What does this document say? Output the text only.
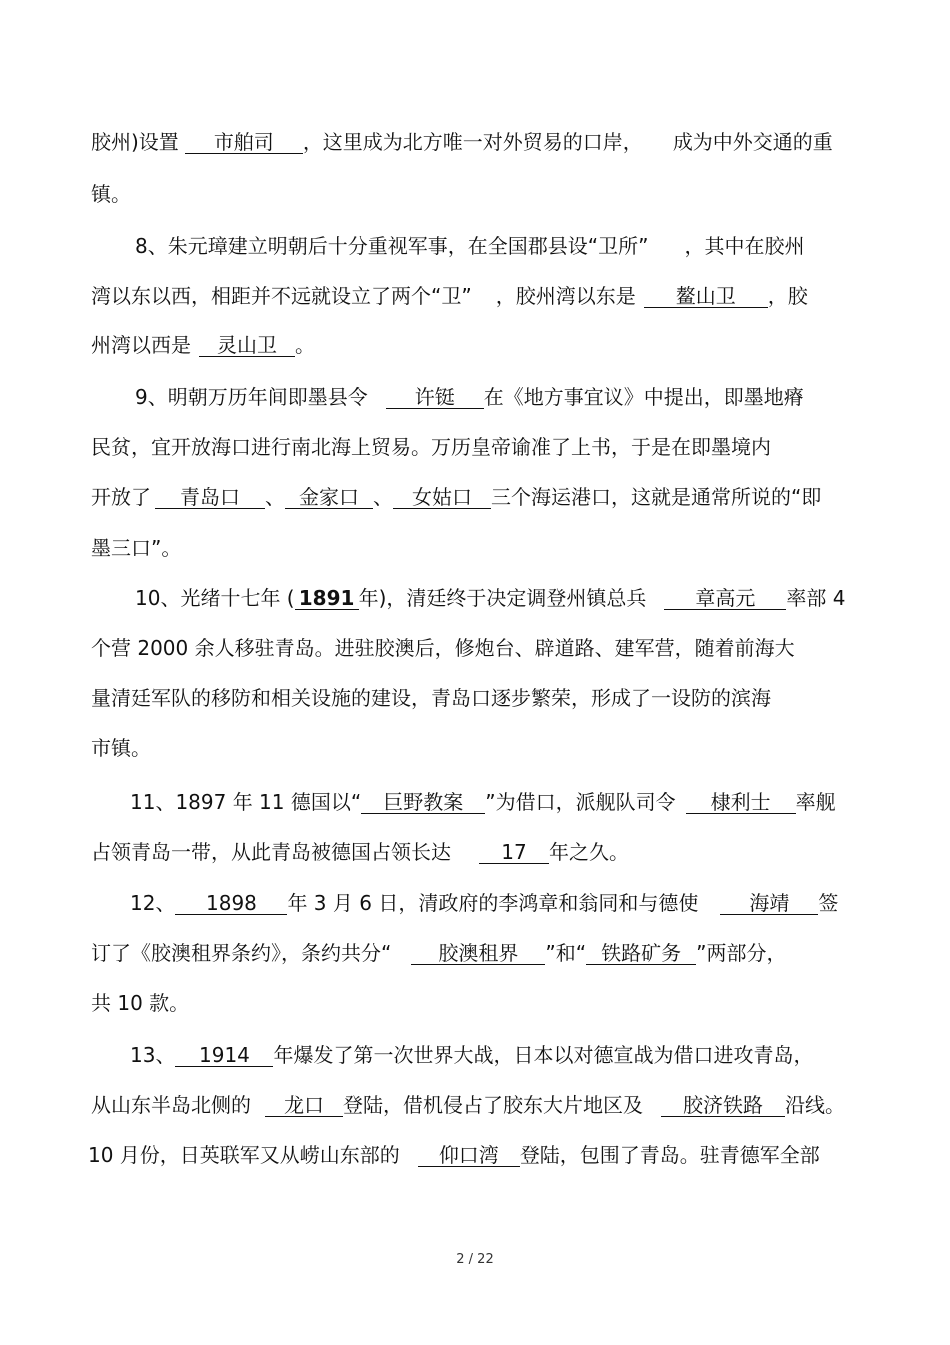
胶州)设置 市舶司 ，这里成为北方唯一对外贸易的口岸， 成为中外交通的重
镇。
8、朱元璋建立明朝后十分重视军事，在全国郡县设“卫所” ，其中在胶州
湾以东以西，相距并不远就设立了两个“卫” ，胶州湾以东是 鳌山卫 ，胶
州湾以西是 灵山卫 。
9、明朝万历年间即墨县令 许铤 在《地方事宜议》中提出，即墨地瘠
民贫，宜开放海口进行南北海上贸易。万历皇帝谕准了上书，于是在即墨境内
开放了 青岛口 、 金家口 、 女姑口 三个海运港口，这就是通常所说的“即
墨三口”。
10、光绪十七年 ( 1891 年)，清廷终于决定调登州镇总兵 章高元 率部 4
个营 2000 余人移驻青岛。进驻胶澳后，修炮台、辟道路、建军营，随着前海大
量清廷军队的移防和相关设施的建设，青岛口逐步繁荣，形成了一设防的滨海
市镇。
11、1897 年 11 德国以“ 巨野教案 ”为借口，派舰队司令 棣利士 率舰
占领青岛一带，从此青岛被德国占领长达	17 年之久。
12、 1898 年 3 月 6 日，清政府的李鸿章和翁同和与德使	海靖 签
订了《胶澳租界条约》，条约共分“ 胶澳租界 ”和“ 铁路矿务 ”两部分，
共 10 款。
13、 1914 年爆发了第一次世界大战，日本以对德宣战为借口进攻青岛，
从山东半岛北侧的 龙口 登陆，借机侵占了胶东大片地区及 胶济铁路 沿线。
10 月份，日英联军又从崂山东部的 仰口湾 登陆，包围了青岛。驻青德军全部
2 / 22
